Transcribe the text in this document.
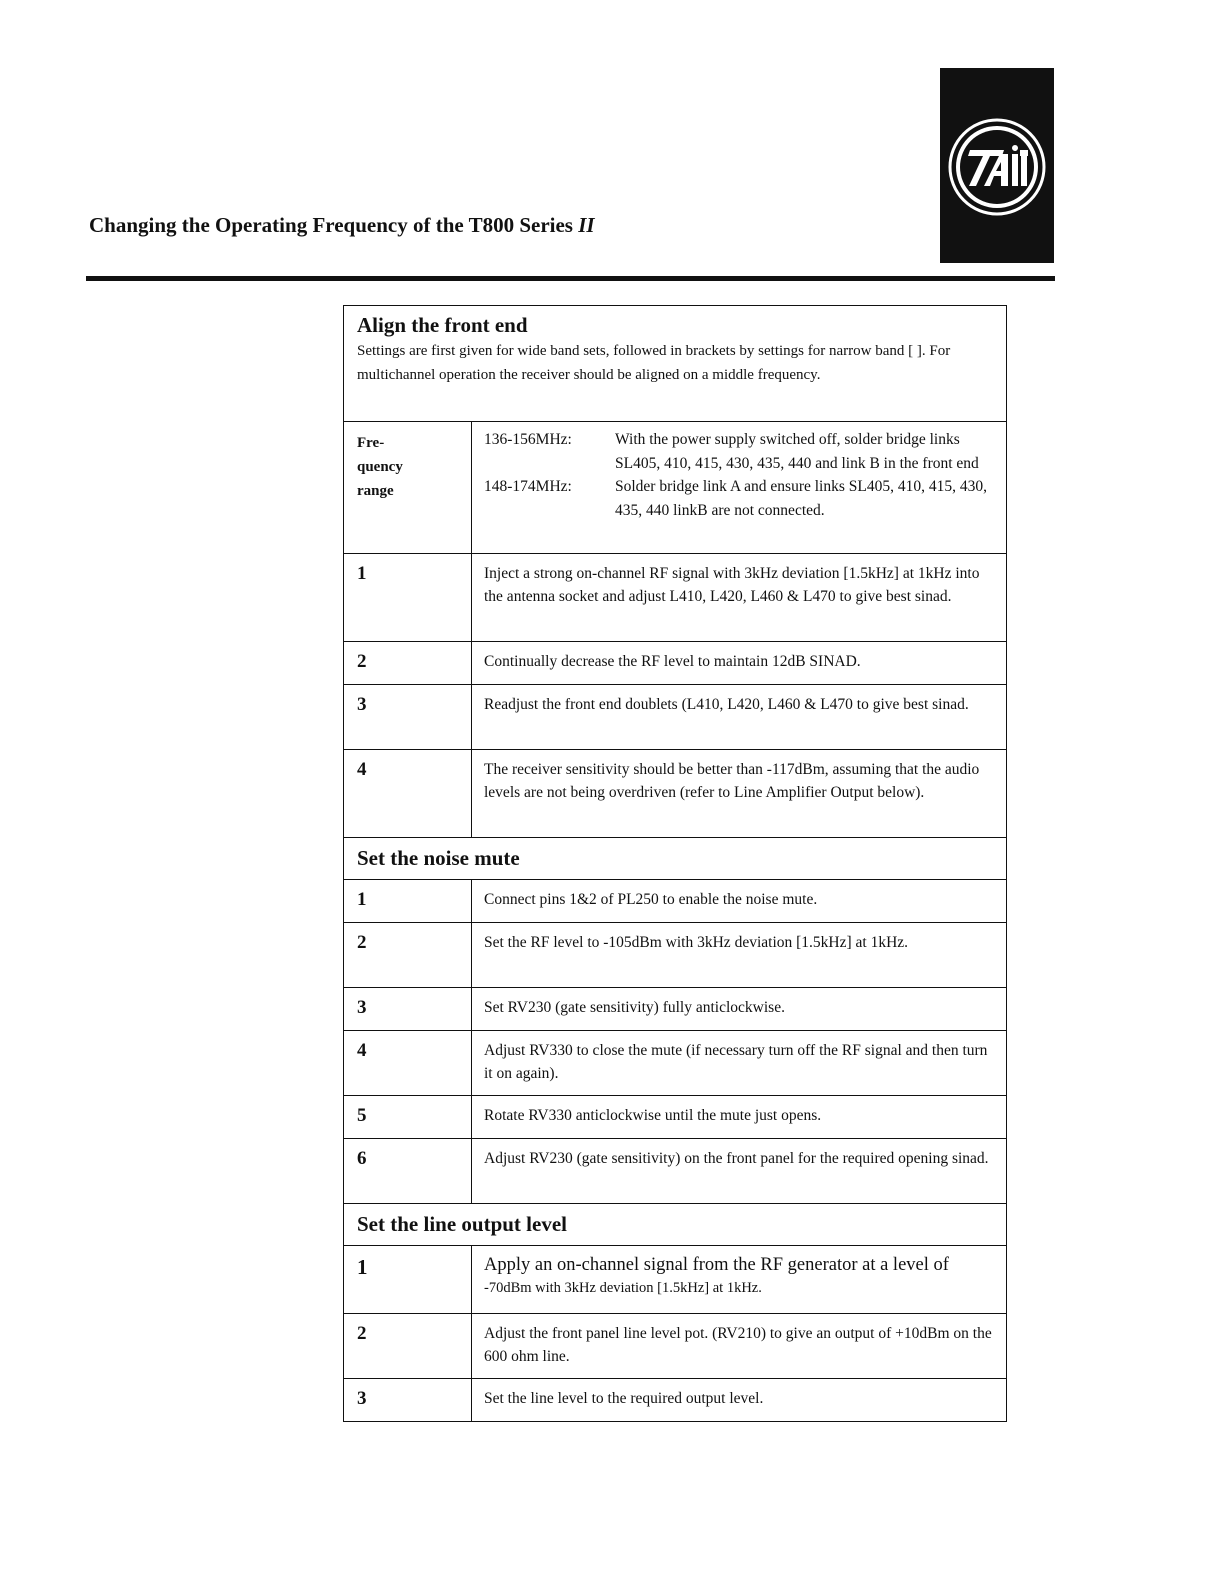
Changing the Operating Frequency of the T800 Series II
Align the front end
Settings are first given for wide band sets, followed in brackets by settings for narrow band [ ]. For multichannel operation the receiver should be aligned on a middle frequency.	

Fre- quency range	136-156MHz: With the power supply switched off, solder bridge links SL405, 410, 415, 430, 435, 440 and link B in the front end
148-174MHz: Solder bridge link A and ensure links SL405, 410, 415, 430, 435, 440 linkB are not connected.

1	Inject a strong on-channel RF signal with 3kHz deviation [1.5kHz] at 1kHz into the antenna socket and adjust L410, L420, L460 & L470 to give best sinad.
2	Continually decrease the RF level to maintain 12dB SINAD.
3	Readjust the front end doublets (L410, L420, L460 & L470 to give best sinad.
4	The receiver sensitivity should be better than -117dBm, assuming that the audio levels are not being overdriven (refer to Line Amplifier Output below).

Set the noise mute	

1	Connect pins 1&2 of PL250 to enable the noise mute.
2	Set the RF level to -105dBm with 3kHz deviation [1.5kHz] at 1kHz.
3	Set RV230 (gate sensitivity) fully anticlockwise.
4	Adjust RV330 to close the mute (if necessary turn off the RF signal and then turn it on again).
5	Rotate RV330 anticlockwise until the mute just opens.
6	Adjust RV230 (gate sensitivity) on the front panel for the required opening sinad.

Set the line output level	

1	Apply an on-channel signal from the RF generator at a level of
-70dBm with 3kHz deviation [1.5kHz] at 1kHz.

2	Adjust the front panel line level pot. (RV210) to give an output of +10dBm on the 600 ohm line.
3	Set the line level to the required output level.
